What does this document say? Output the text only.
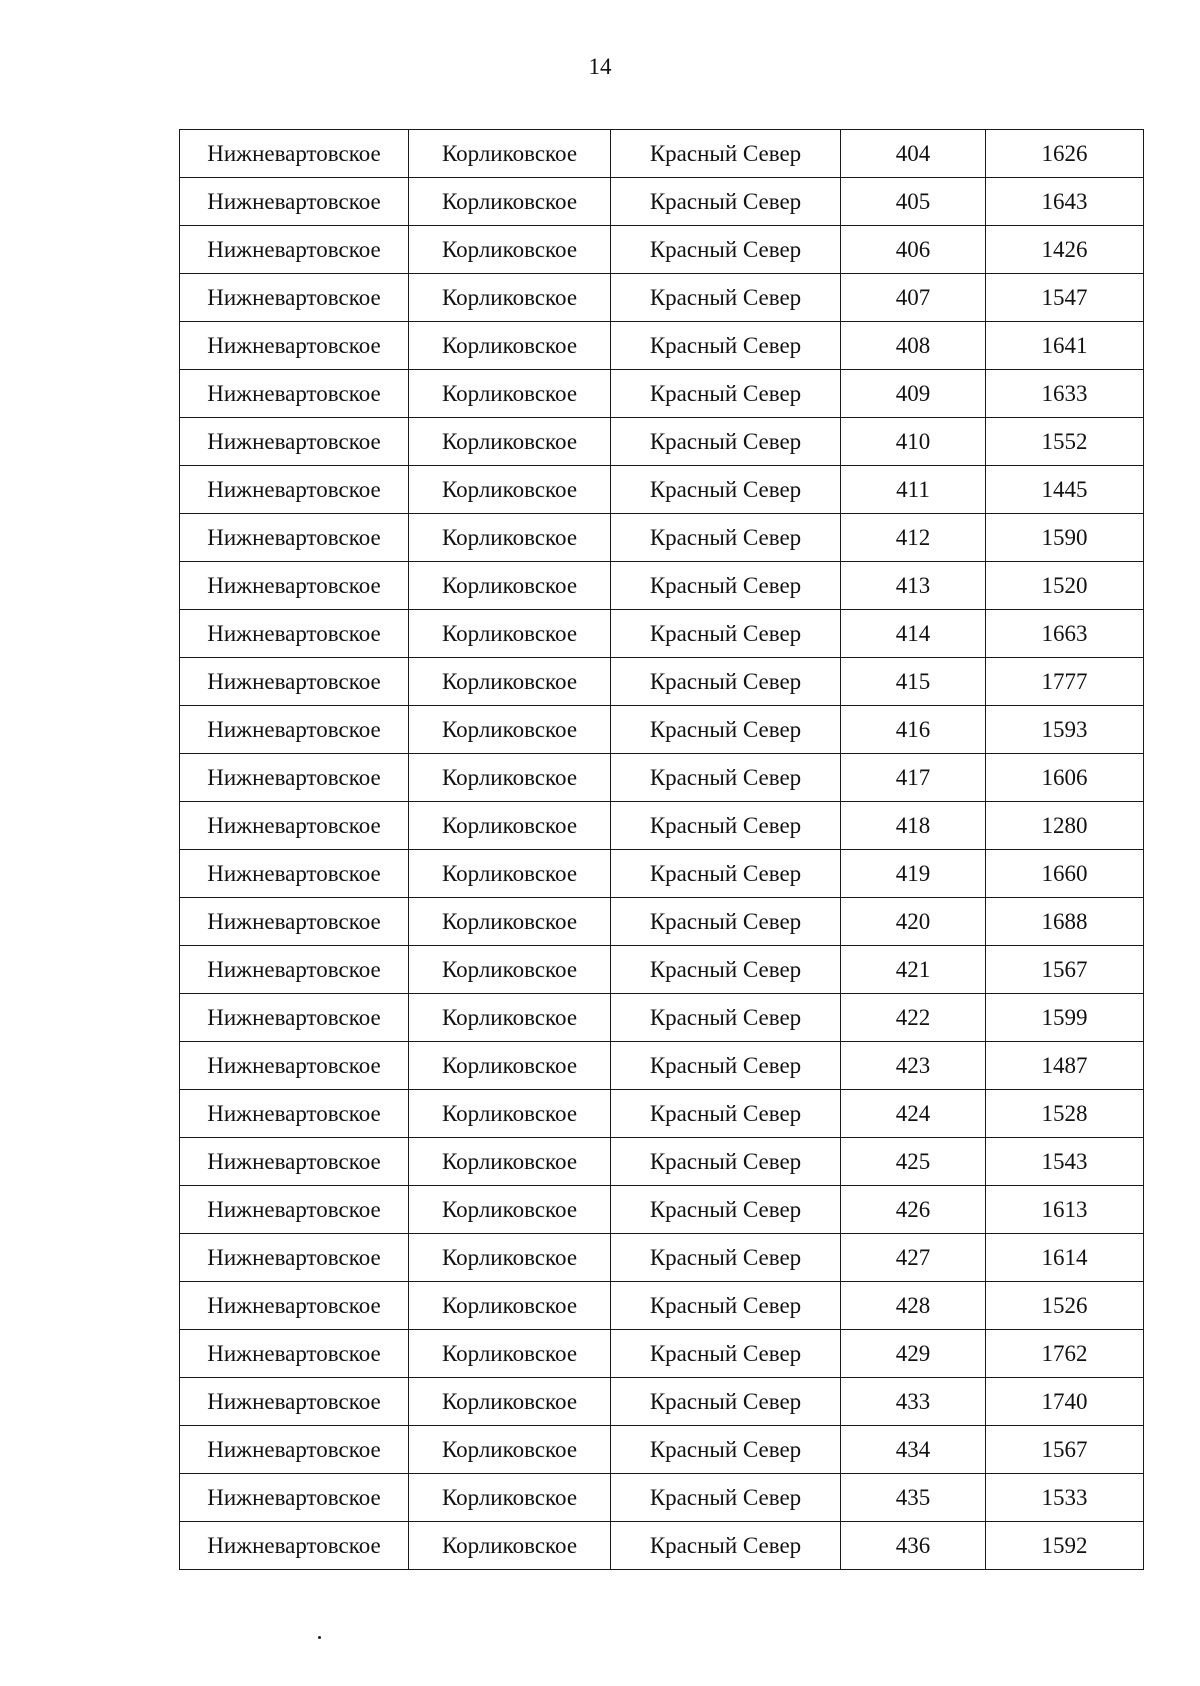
14
Нижневартовское	Корликовское	Красный Север	404	1626
Нижневартовское	Корликовское	Красный Север	405	1643
Нижневартовское	Корликовское	Красный Север	406	1426
Нижневартовское	Корликовское	Красный Север	407	1547
Нижневартовское	Корликовское	Красный Север	408	1641
Нижневартовское	Корликовское	Красный Север	409	1633
Нижневартовское	Корликовское	Красный Север	410	1552
Нижневартовское	Корликовское	Красный Север	411	1445
Нижневартовское	Корликовское	Красный Север	412	1590
Нижневартовское	Корликовское	Красный Север	413	1520
Нижневартовское	Корликовское	Красный Север	414	1663
Нижневартовское	Корликовское	Красный Север	415	1777
Нижневартовское	Корликовское	Красный Север	416	1593
Нижневартовское	Корликовское	Красный Север	417	1606
Нижневартовское	Корликовское	Красный Север	418	1280
Нижневартовское	Корликовское	Красный Север	419	1660
Нижневартовское	Корликовское	Красный Север	420	1688
Нижневартовское	Корликовское	Красный Север	421	1567
Нижневартовское	Корликовское	Красный Север	422	1599
Нижневартовское	Корликовское	Красный Север	423	1487
Нижневартовское	Корликовское	Красный Север	424	1528
Нижневартовское	Корликовское	Красный Север	425	1543
Нижневартовское	Корликовское	Красный Север	426	1613
Нижневартовское	Корликовское	Красный Север	427	1614
Нижневартовское	Корликовское	Красный Север	428	1526
Нижневартовское	Корликовское	Красный Север	429	1762
Нижневартовское	Корликовское	Красный Север	433	1740
Нижневартовское	Корликовское	Красный Север	434	1567
Нижневартовское	Корликовское	Красный Север	435	1533
Нижневартовское	Корликовское	Красный Север	436	1592
